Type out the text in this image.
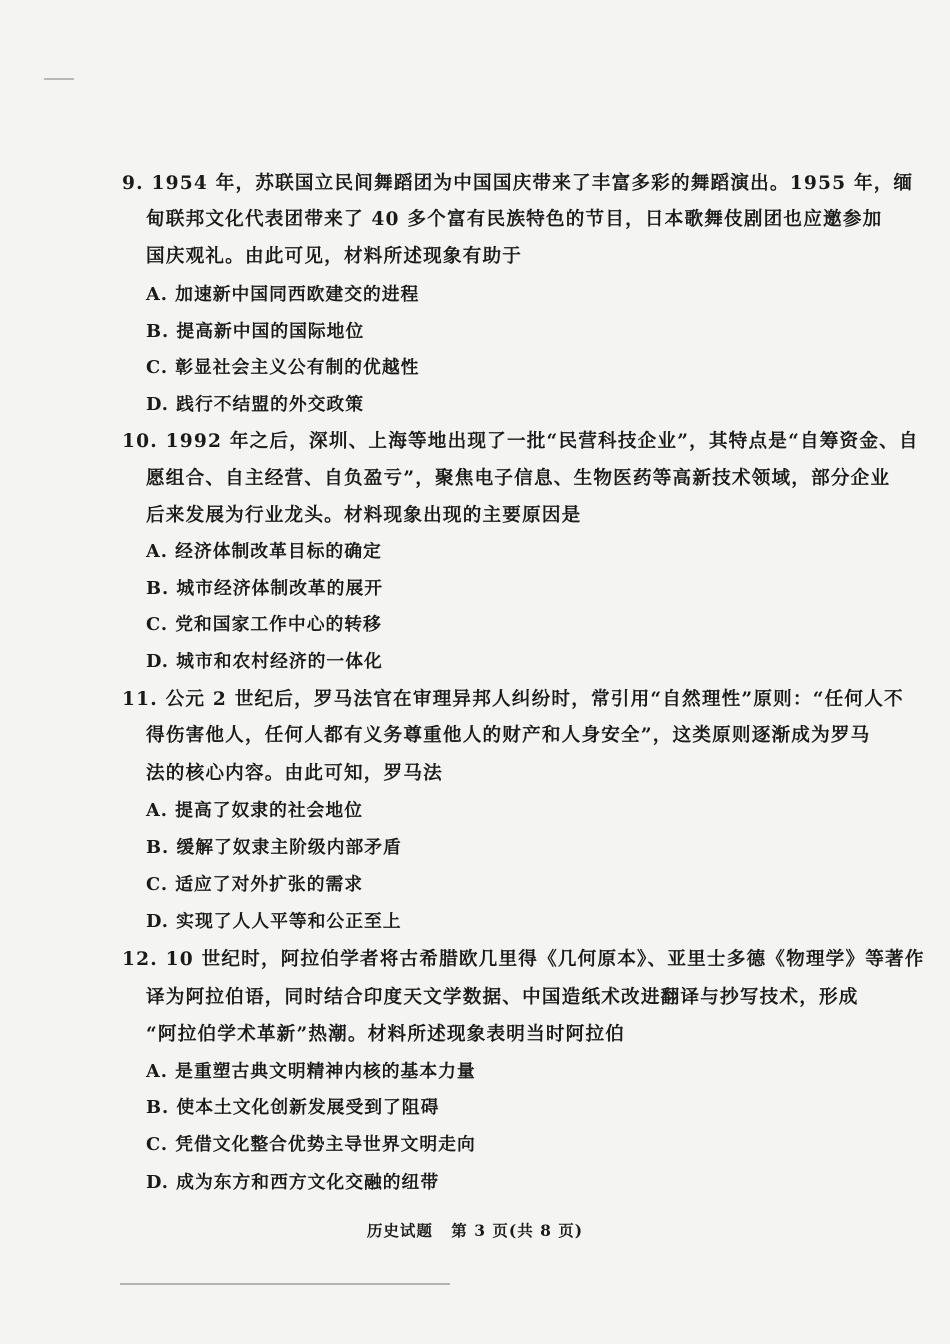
9. 1954 年，苏联国立民间舞蹈团为中国国庆带来了丰富多彩的舞蹈演出。1955 年，缅
甸联邦文化代表团带来了 40 多个富有民族特色的节目，日本歌舞伎剧团也应邀参加
国庆观礼。由此可见，材料所述现象有助于
A. 加速新中国同西欧建交的进程
B. 提高新中国的国际地位
C. 彰显社会主义公有制的优越性
D. 践行不结盟的外交政策
10. 1992 年之后，深圳、上海等地出现了一批“民营科技企业”，其特点是“自筹资金、自
愿组合、自主经营、自负盈亏”，聚焦电子信息、生物医药等高新技术领域，部分企业
后来发展为行业龙头。材料现象出现的主要原因是
A. 经济体制改革目标的确定
B. 城市经济体制改革的展开
C. 党和国家工作中心的转移
D. 城市和农村经济的一体化
11. 公元 2 世纪后，罗马法官在审理异邦人纠纷时，常引用“自然理性”原则：“任何人不
得伤害他人，任何人都有义务尊重他人的财产和人身安全”，这类原则逐渐成为罗马
法的核心内容。由此可知，罗马法
A. 提高了奴隶的社会地位
B. 缓解了奴隶主阶级内部矛盾
C. 适应了对外扩张的需求
D. 实现了人人平等和公正至上
12. 10 世纪时，阿拉伯学者将古希腊欧几里得《几何原本》、亚里士多德《物理学》等著作
译为阿拉伯语，同时结合印度天文学数据、中国造纸术改进翻译与抄写技术，形成
“阿拉伯学术革新”热潮。材料所述现象表明当时阿拉伯
A. 是重塑古典文明精神内核的基本力量
B. 使本土文化创新发展受到了阻碍
C. 凭借文化整合优势主导世界文明走向
D. 成为东方和西方文化交融的纽带
历史试题 第 3 页(共 8 页)
